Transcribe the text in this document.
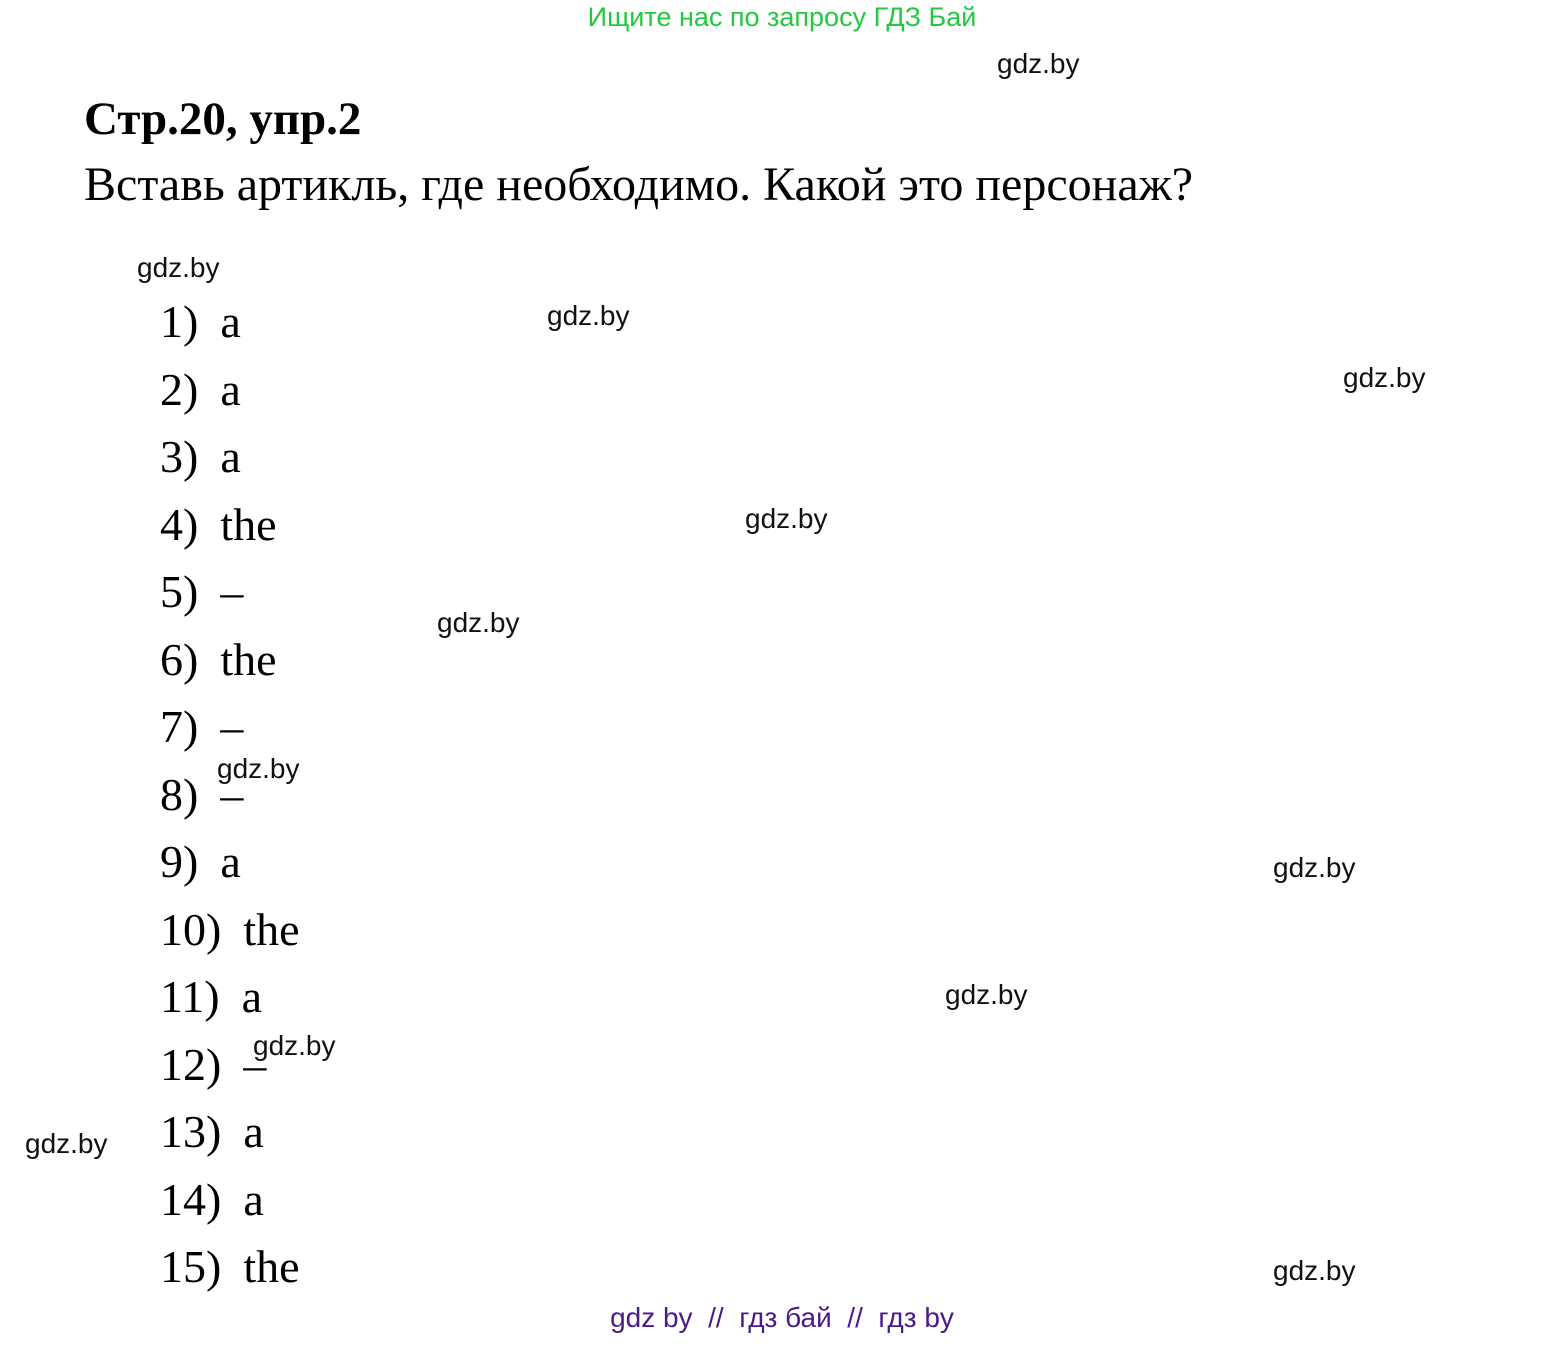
Ищите нас по запросу ГДЗ Бай
gdz.by
gdz.by
gdz.by
gdz.by
gdz.by
gdz.by
gdz.by
gdz.by
gdz.by
gdz.by
gdz.by
gdz.by
Стр.20, упр.2

Вставь артикль, где необходимо. Какой это персонаж?

1) a
2) a
3) a
4) the
5) –
6) the
7) –
8) –
9) a
10) the
11) a
12) –
13) a
14) a
15) the
gdz by  //  гдз бай  //  гдз by
